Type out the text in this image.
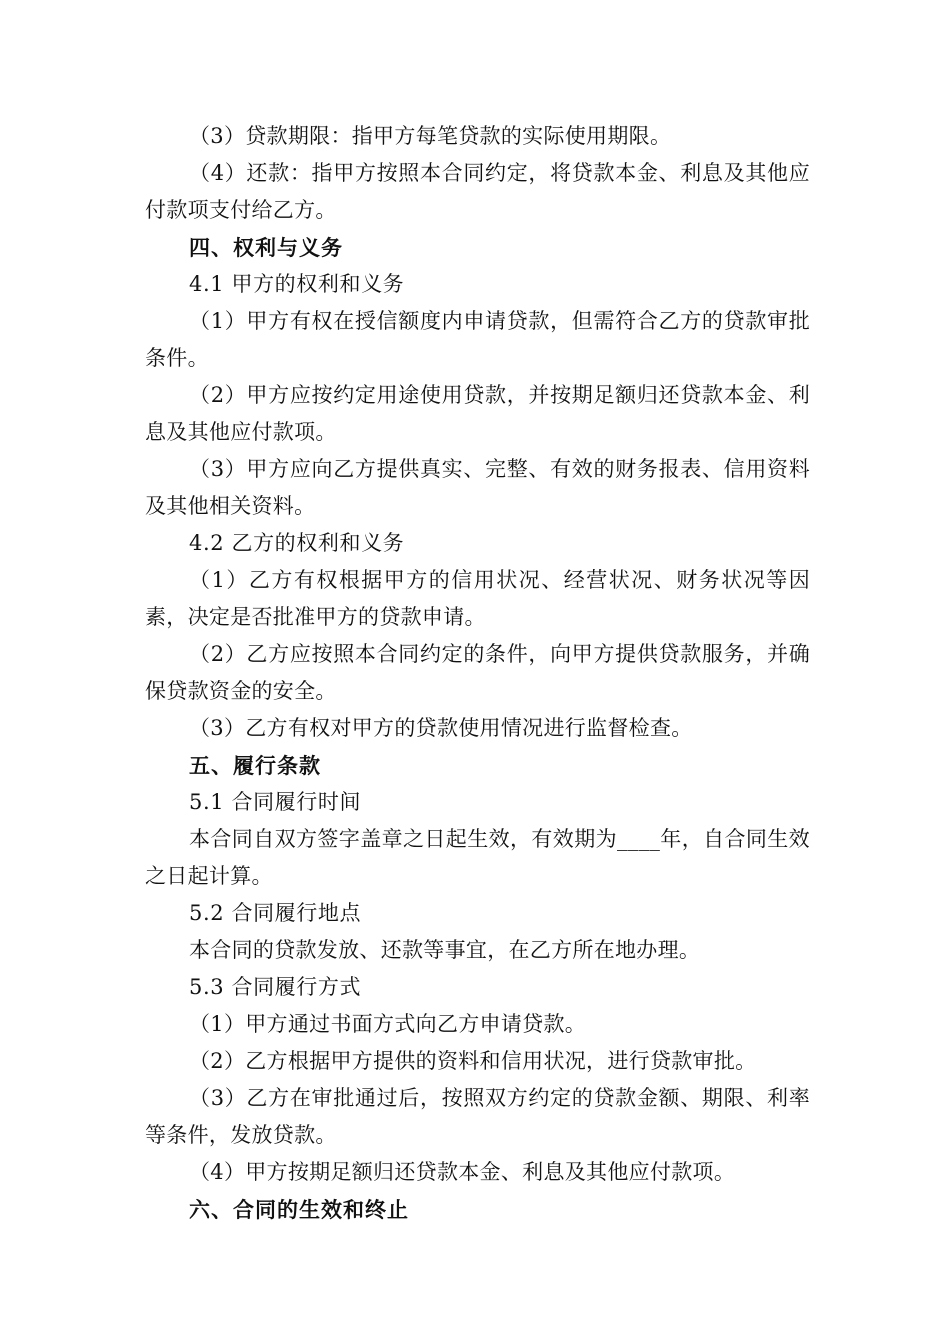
（3）贷款期限：指甲方每笔贷款的实际使用期限。

（4）还款：指甲方按照本合同约定，将贷款本金、利息及其他应付款项支付给乙方。

四、权利与义务

4.1 甲方的权利和义务

（1）甲方有权在授信额度内申请贷款，但需符合乙方的贷款审批条件。

（2）甲方应按约定用途使用贷款，并按期足额归还贷款本金、利息及其他应付款项。

（3）甲方应向乙方提供真实、完整、有效的财务报表、信用资料及其他相关资料。

4.2 乙方的权利和义务

（1）乙方有权根据甲方的信用状况、经营状况、财务状况等因素，决定是否批准甲方的贷款申请。

（2）乙方应按照本合同约定的条件，向甲方提供贷款服务，并确保贷款资金的安全。

（3）乙方有权对甲方的贷款使用情况进行监督检查。

五、履行条款

5.1 合同履行时间

本合同自双方签字盖章之日起生效，有效期为____年，自合同生效之日起计算。

5.2 合同履行地点

本合同的贷款发放、还款等事宜，在乙方所在地办理。

5.3 合同履行方式

（1）甲方通过书面方式向乙方申请贷款。

（2）乙方根据甲方提供的资料和信用状况，进行贷款审批。

（3）乙方在审批通过后，按照双方约定的贷款金额、期限、利率等条件，发放贷款。

（4）甲方按期足额归还贷款本金、利息及其他应付款项。

六、合同的生效和终止
